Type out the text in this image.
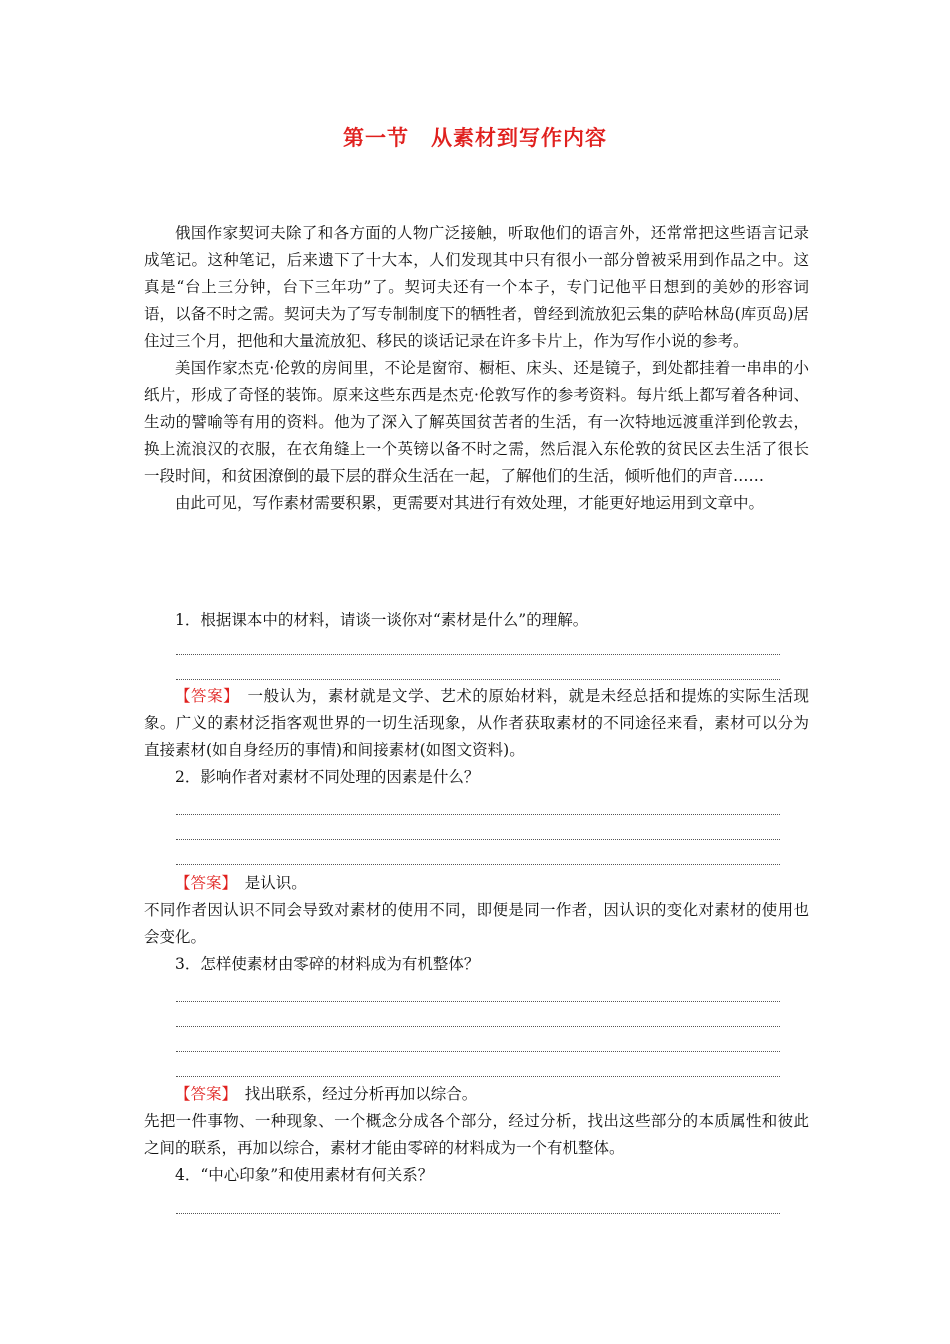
第一节　从素材到写作内容

俄国作家契诃夫除了和各方面的人物广泛接触，听取他们的语言外，还常常把这些语言记录成笔记。这种笔记，后来遗下了十大本，人们发现其中只有很小一部分曾被采用到作品之中。这真是“台上三分钟，台下三年功”了。契诃夫还有一个本子，专门记他平日想到的美妙的形容词语，以备不时之需。契诃夫为了写专制制度下的牺牲者，曾经到流放犯云集的萨哈林岛(库页岛)居住过三个月，把他和大量流放犯、移民的谈话记录在许多卡片上，作为写作小说的参考。

美国作家杰克·伦敦的房间里，不论是窗帘、橱柜、床头、还是镜子，到处都挂着一串串的小纸片，形成了奇怪的装饰。原来这些东西是杰克·伦敦写作的参考资料。每片纸上都写着各种词、生动的譬喻等有用的资料。他为了深入了解英国贫苦者的生活，有一次特地远渡重洋到伦敦去，换上流浪汉的衣服，在衣角缝上一个英镑以备不时之需，然后混入东伦敦的贫民区去生活了很长一段时间，和贫困潦倒的最下层的群众生活在一起，了解他们的生活，倾听他们的声音……

由此可见，写作素材需要积累，更需要对其进行有效处理，才能更好地运用到文章中。

1．根据课本中的材料，请谈一谈你对“素材是什么”的理解。

【答案】　 一般认为，素材就是文学、艺术的原始材料，就是未经总括和提炼的实际生活现象。广义的素材泛指客观世界的一切生活现象，从作者获取素材的不同途径来看，素材可以分为直接素材(如自身经历的事情)和间接素材(如图文资料)。

2．影响作者对素材不同处理的因素是什么？

【答案】　 是认识。

不同作者因认识不同会导致对素材的使用不同，即便是同一作者，因认识的变化对素材的使用也会变化。

3．怎样使素材由零碎的材料成为有机整体？

【答案】　 找出联系，经过分析再加以综合。

先把一件事物、一种现象、一个概念分成各个部分，经过分析，找出这些部分的本质属性和彼此之间的联系，再加以综合，素材才能由零碎的材料成为一个有机整体。

4．“中心印象”和使用素材有何关系？
